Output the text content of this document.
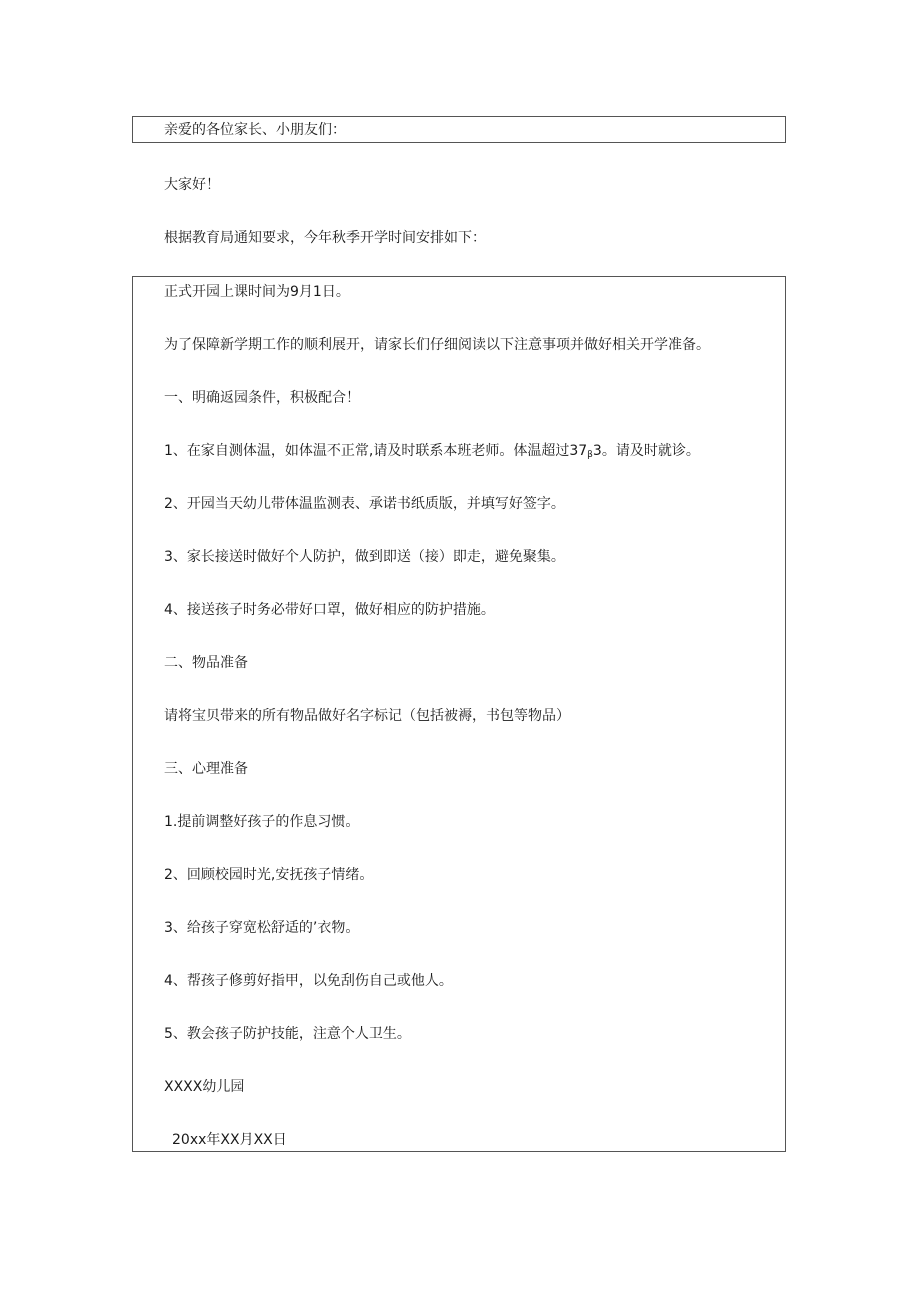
亲爱的各位家长、小朋友们：
大家好！
根据教育局通知要求，今年秋季开学时间安排如下：
正式开园上课时间为9月1日。
为了保障新学期工作的顺利展开，请家长们仔细阅读以下注意事项并做好相关开学准备。
一、明确返园条件，积极配合！
1、在家自测体温，如体温不正常,请及时联系本班老师。体温超过$37_\beta 3$。请及时就诊。
2、开园当天幼儿带体温监测表、承诺书纸质版，并填写好签字。
3、家长接送时做好个人防护，做到即送（接）即走，避免聚集。
4、接送孩子时务必带好口罩，做好相应的防护措施。
二、物品准备
请将宝贝带来的所有物品做好名字标记（包括被褥，书包等物品）
三、心理准备
1.提前调整好孩子的作息习惯。
2、回顾校园时光,安抚孩子情绪。
3、给孩子穿宽松舒适的’衣物。
4、帮孩子修剪好指甲，以免刮伤自己或他人。
5、教会孩子防护技能，注意个人卫生。
XXXX幼儿园
20xx年XX月XX日
